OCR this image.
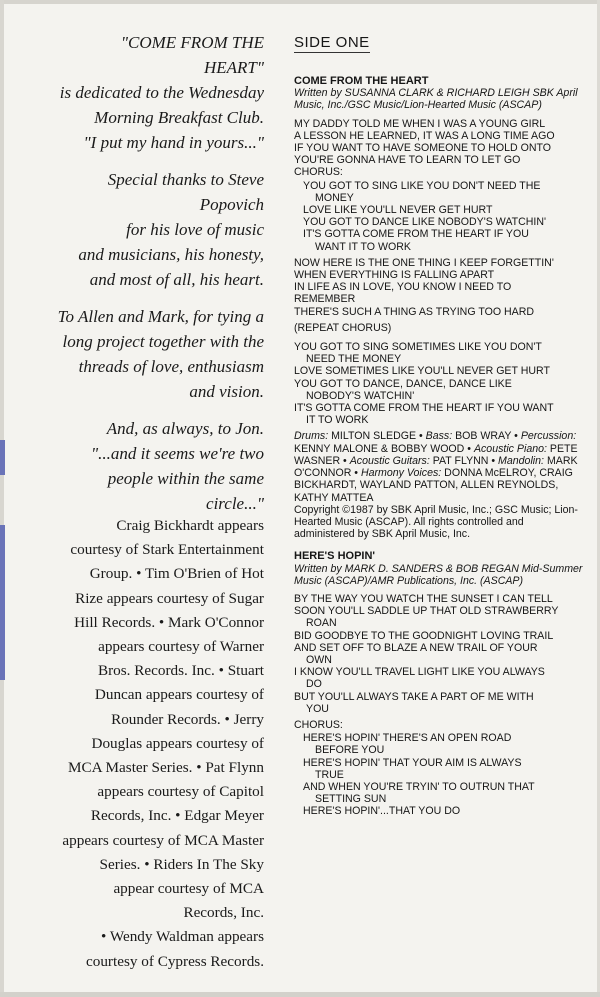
"COME FROM THE
HEART"
is dedicated to the Wednesday
Morning Breakfast Club.
"I put my hand in yours..."

Special thanks to Steve
Popovich
for his love of music
and musicians, his honesty,
and most of all, his heart.

To Allen and Mark, for tying a
long project together with the
threads of love, enthusiasm
and vision.

And, as always, to Jon.
"...and it seems we're two
people within the same
circle..."

Craig Bickhardt appears
courtesy of Stark Entertainment
Group. • Tim O'Brien of Hot
Rize appears courtesy of Sugar
Hill Records. • Mark O'Connor
appears courtesy of Warner
Bros. Records. Inc. • Stuart
Duncan appears courtesy of
Rounder Records. • Jerry
Douglas appears courtesy of
MCA Master Series. • Pat Flynn
appears courtesy of Capitol
Records, Inc. • Edgar Meyer
appears courtesy of MCA Master
Series. • Riders In The Sky
appear courtesy of MCA
Records, Inc.
• Wendy Waldman appears
courtesy of Cypress Records.
SIDE ONE

COME FROM THE HEART

Written by SUSANNA CLARK & RICHARD LEIGH SBK April Music, Inc./GSC Music/Lion-Hearted Music (ASCAP)

MY DADDY TOLD ME WHEN I WAS A YOUNG GIRL

A LESSON HE LEARNED, IT WAS A LONG TIME AGO

IF YOU WANT TO HAVE SOMEONE TO HOLD ONTO

YOU'RE GONNA HAVE TO LEARN TO LET GO

CHORUS:

YOU GOT TO SING LIKE YOU DON'T NEED THE
MONEY

LOVE LIKE YOU'LL NEVER GET HURT

YOU GOT TO DANCE LIKE NOBODY'S WATCHIN'

IT'S GOTTA COME FROM THE HEART IF YOU
WANT IT TO WORK

NOW HERE IS THE ONE THING I KEEP FORGETTIN'

WHEN EVERYTHING IS FALLING APART

IN LIFE AS IN LOVE, YOU KNOW I NEED TO

REMEMBER

THERE'S SUCH A THING AS TRYING TOO HARD

(REPEAT CHORUS)

YOU GOT TO SING SOMETIMES LIKE YOU DON'T
NEED THE MONEY

LOVE SOMETIMES LIKE YOU'LL NEVER GET HURT

YOU GOT TO DANCE, DANCE, DANCE LIKE
NOBODY'S WATCHIN'

IT'S GOTTA COME FROM THE HEART IF YOU WANT
IT TO WORK

Drums: MILTON SLEDGE • Bass: BOB WRAY • Percussion: KENNY MALONE & BOBBY WOOD • Acoustic Piano: PETE WASNER • Acoustic Guitars: PAT FLYNN • Mandolin: MARK O'CONNOR • Harmony Voices: DONNA McELROY, CRAIG BICKHARDT, WAYLAND PATTON, ALLEN REYNOLDS, KATHY MATTEA

Copyright ©1987 by SBK April Music, Inc.; GSC Music; Lion-Hearted Music (ASCAP). All rights controlled and administered by SBK April Music, Inc.

HERE'S HOPIN'

Written by MARK D. SANDERS & BOB REGAN Mid-Summer Music (ASCAP)/AMR Publications, Inc. (ASCAP)

BY THE WAY YOU WATCH THE SUNSET I CAN TELL

SOON YOU'LL SADDLE UP THAT OLD STRAWBERRY
ROAN

BID GOODBYE TO THE GOODNIGHT LOVING TRAIL

AND SET OFF TO BLAZE A NEW TRAIL OF YOUR
OWN

I KNOW YOU'LL TRAVEL LIGHT LIKE YOU ALWAYS
DO

BUT YOU'LL ALWAYS TAKE A PART OF ME WITH
YOU

CHORUS:

HERE'S HOPIN' THERE'S AN OPEN ROAD
BEFORE YOU

HERE'S HOPIN' THAT YOUR AIM IS ALWAYS
TRUE

AND WHEN YOU'RE TRYIN' TO OUTRUN THAT
SETTING SUN

HERE'S HOPIN'...THAT YOU DO
